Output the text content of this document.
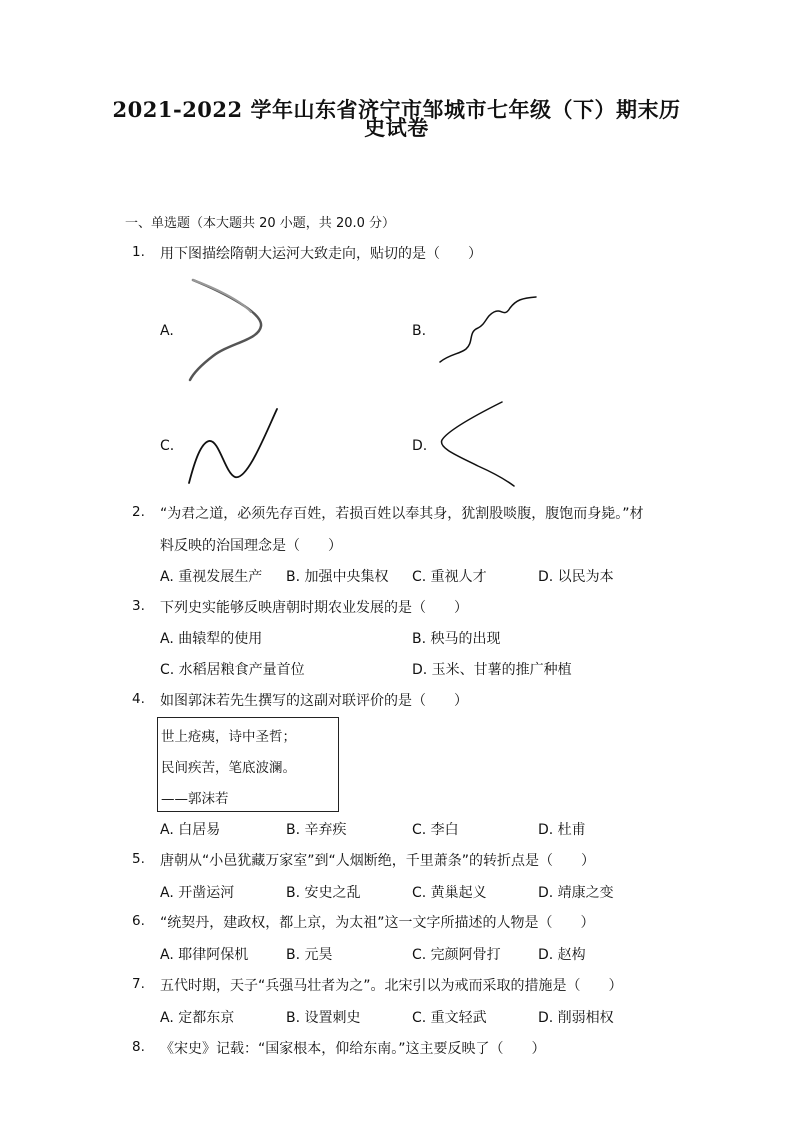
2021-2022 学年山东省济宁市邹城市七年级（下）期末历
史试卷
一、单选题（本大题共 20 小题，共 20.0 分）
1. 用下图描绘隋朝大运河大致走向，贴切的是（　　）
A.	B.
C.	D.
2. “为君之道，必须先存百姓，若损百姓以奉其身，犹割股啖腹，腹饱而身毙。”材
料反映的治国理念是（　　）
A. 重视发展生产 B. 加强中央集权 C. 重视人才	D. 以民为本
3. 下列史实能够反映唐朝时期农业发展的是（　　）
A. 曲辕犁的使用	B. 秧马的出现
C. 水稻居粮食产量首位	D. 玉米、甘薯的推广种植
4. 如图郭沫若先生撰写的这副对联评价的是（　　）
世上疮痍，诗中圣哲；
民间疾苦，笔底波澜。
——郭沫若
A. 白居易	B. 辛弃疾	C. 李白	D. 杜甫
5. 唐朝从“小邑犹藏万家室”到“人烟断绝，千里萧条”的转折点是（　　）
A. 开凿运河	B. 安史之乱	C. 黄巢起义	D. 靖康之变
6. “统契丹，建政权，都上京，为太祖”这一文字所描述的人物是（　　）
A. 耶律阿保机	B. 元昊	C. 完颜阿骨打	D. 赵构
7. 五代时期，天子“兵强马壮者为之”。北宋引以为戒而采取的措施是（　　）
A. 定都东京	B. 设置刺史	C. 重文轻武	D. 削弱相权
8. 《宋史》记载：“国家根本，仰给东南。”这主要反映了（　　）
